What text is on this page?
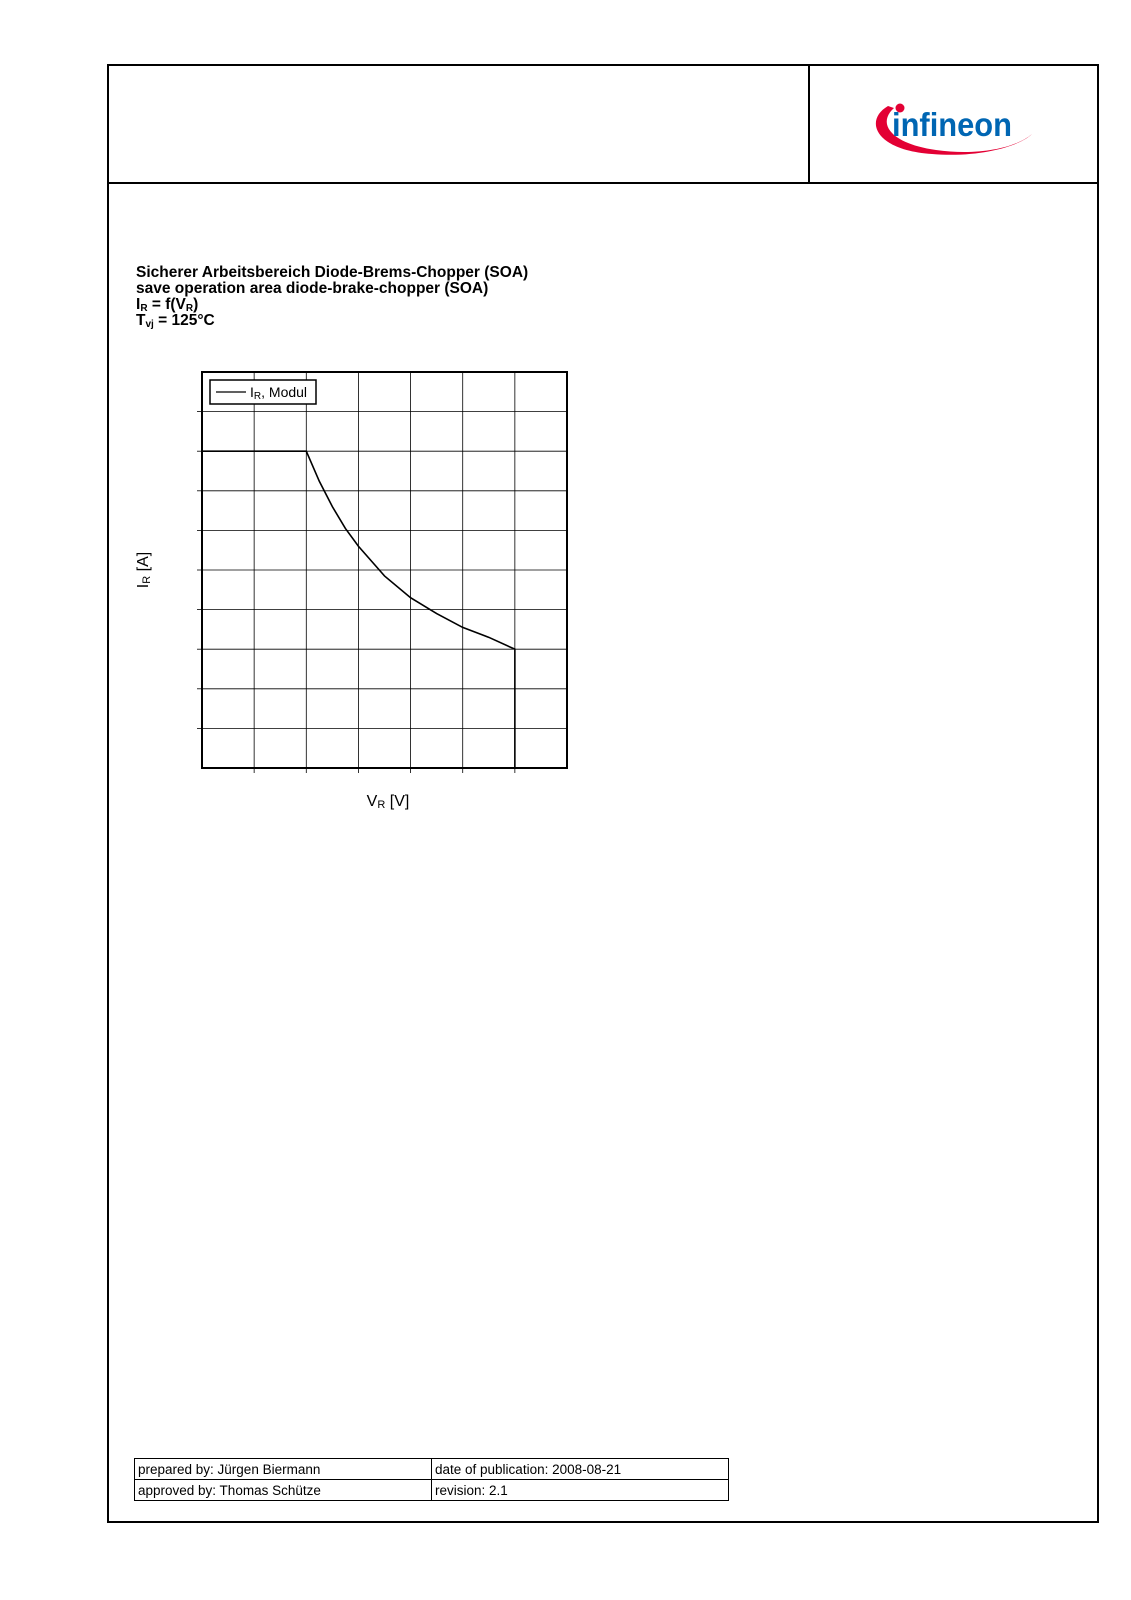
infineon
Sicherer Arbeitsbereich Diode-Brems-Chopper (SOA)
save operation area diode-brake-chopper (SOA)
$I_R = f(V_R)$
$T_{vj} = 125^\circ C$
IR, Modul
VR [V]
IR [A]
prepared by: Jürgen Biermann	date of publication: 2008-08-21
approved by: Thomas Schütze	revision: 2.1
